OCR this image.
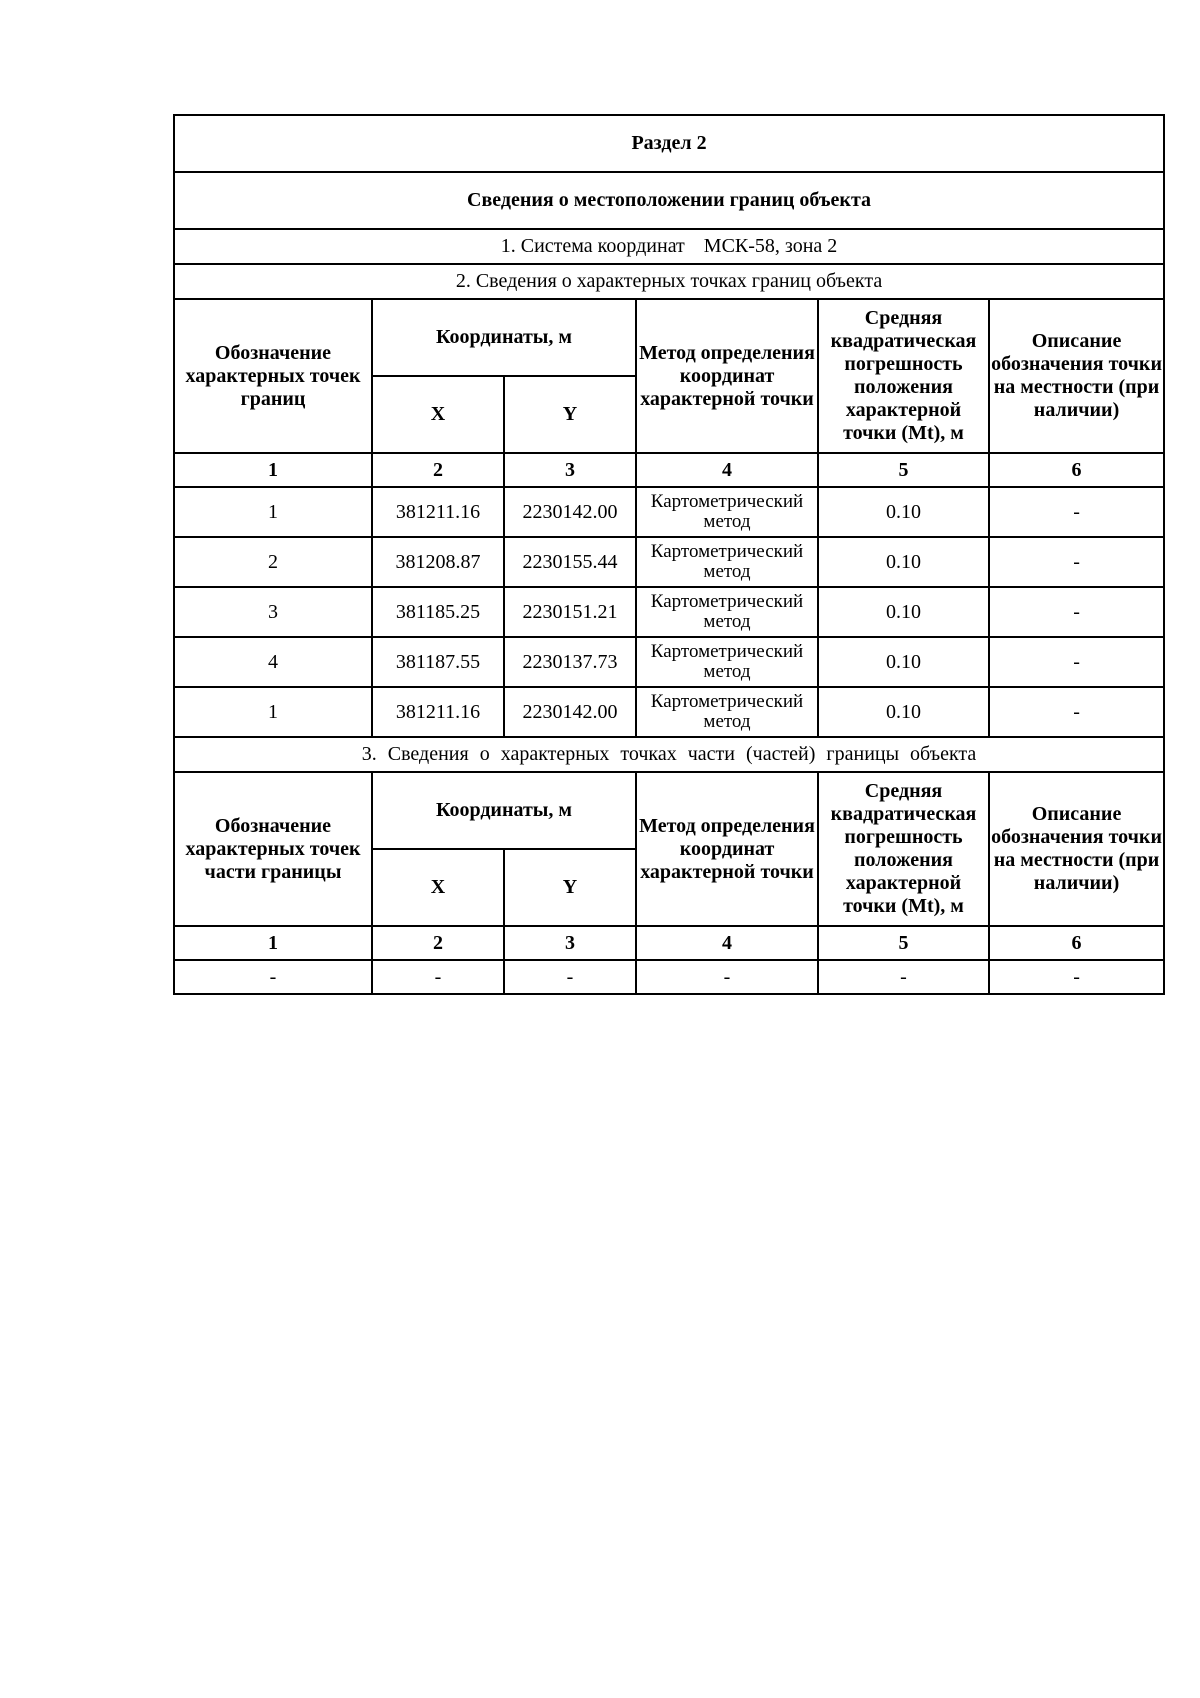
Раздел 2					
Сведения о местоположении границ объекта					
1. Система координат МСК-58, зона 2					
2. Сведения о характерных точках границ объекта					
Обозначение характерных точек границ	Координаты, м		Метод определения координат характерной точки	Средняя квадратическая погрешность положения характерной точки (Mt), м	Описание обозначения точки на местности (при наличии)
	X	Y			
1	2	3	4	5	6
1	381211.16	2230142.00	Картометрический метод	0.10	-
2	381208.87	2230155.44	Картометрический метод	0.10	-
3	381185.25	2230151.21	Картометрический метод	0.10	-
4	381187.55	2230137.73	Картометрический метод	0.10	-
1	381211.16	2230142.00	Картометрический метод	0.10	-
3. Сведения о характерных точках части (частей) границы объекта					
Обозначение характерных точек части границы	Координаты, м		Метод определения координат характерной точки	Средняя квадратическая погрешность положения характерной точки (Mt), м	Описание обозначения точки на местности (при наличии)
	X	Y			
1	2	3	4	5	6
-	-	-	-	-	-
